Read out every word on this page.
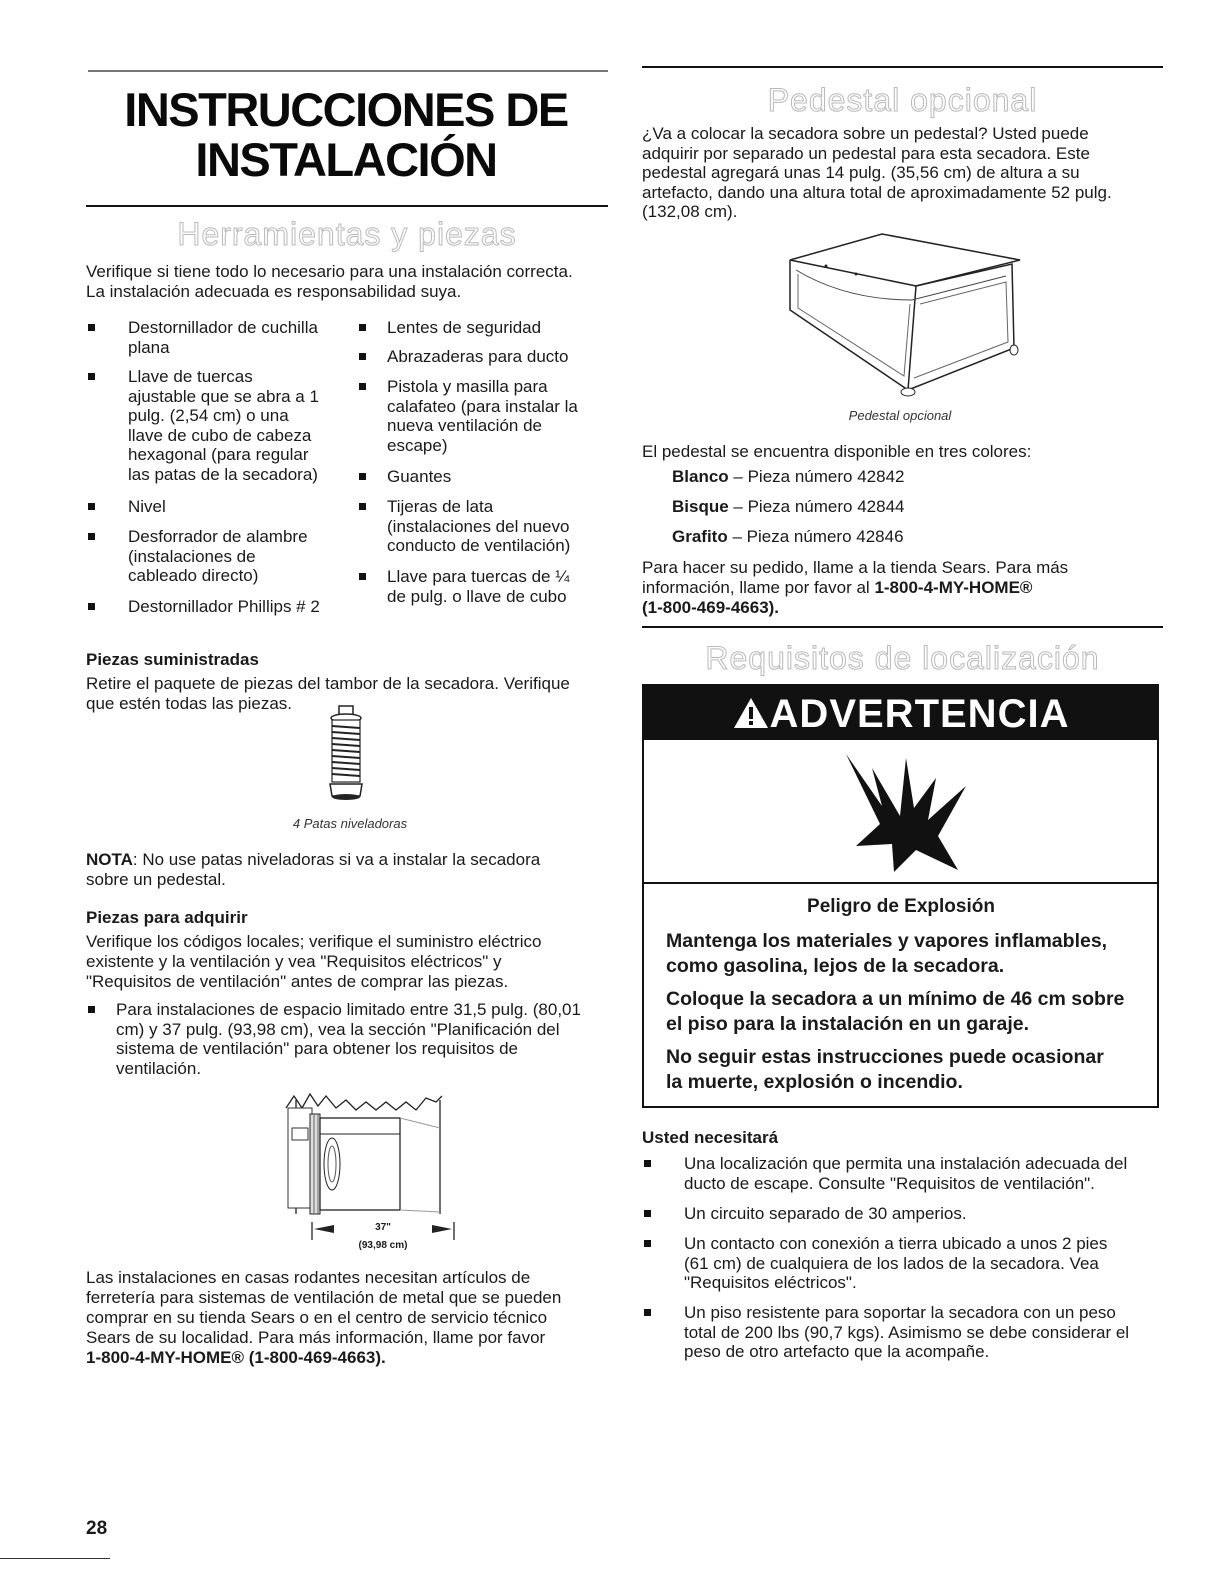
INSTRUCCIONES DE
INSTALACIÓN
Herramientas y piezas
Verifique si tiene todo lo necesario para una instalación correcta.
La instalación adecuada es responsabilidad suya.
Destornillador de cuchilla
plana
Llave de tuercas
ajustable que se abra a 1
pulg. (2,54 cm) o una
llave de cubo de cabeza
hexagonal (para regular
las patas de la secadora)
Nivel
Desforrador de alambre
(instalaciones de
cableado directo)
Destornillador Phillips # 2
Lentes de seguridad
Abrazaderas para ducto
Pistola y masilla para
calafateo (para instalar la
nueva ventilación de
escape)
Guantes
Tijeras de lata
(instalaciones del nuevo
conducto de ventilación)
Llave para tuercas de ¼
de pulg. o llave de cubo
Piezas suministradas
Retire el paquete de piezas del tambor de la secadora. Verifique
que estén todas las piezas.
4 Patas niveladoras
NOTA: No use patas niveladoras si va a instalar la secadora
sobre un pedestal.
Piezas para adquirir
Verifique los códigos locales; verifique el suministro eléctrico
existente y la ventilación y vea "Requisitos eléctricos" y
"Requisitos de ventilación" antes de comprar las piezas.
Para instalaciones de espacio limitado entre 31,5 pulg. (80,01
cm) y 37 pulg. (93,98 cm), vea la sección "Planificación del
sistema de ventilación" para obtener los requisitos de
ventilación.
37"
(93,98 cm)
Las instalaciones en casas rodantes necesitan artículos de
ferretería para sistemas de ventilación de metal que se pueden
comprar en su tienda Sears o en el centro de servicio técnico
Sears de su localidad. Para más información, llame por favor
1-800-4-MY-HOME® (1-800-469-4663).
Pedestal opcional
¿Va a colocar la secadora sobre un pedestal? Usted puede
adquirir por separado un pedestal para esta secadora. Este
pedestal agregará unas 14 pulg. (35,56 cm) de altura a su
artefacto, dando una altura total de aproximadamente 52 pulg.
(132,08 cm).
Pedestal opcional
El pedestal se encuentra disponible en tres colores:
Blanco – Pieza número 42842
Bisque – Pieza número 42844
Grafito – Pieza número 42846
Para hacer su pedido, llame a la tienda Sears. Para más
información, llame por favor al 1-800-4-MY-HOME®
(1-800-469-4663).
Requisitos de localización
ADVERTENCIA
Peligro de Explosión
Mantenga los materiales y vapores inflamables,
como gasolina, lejos de la secadora.
Coloque la secadora a un mínimo de 46 cm sobre
el piso para la instalación en un garaje.
No seguir estas instrucciones puede ocasionar
la muerte, explosión o incendio.
Usted necesitará
Una localización que permita una instalación adecuada del
ducto de escape. Consulte "Requisitos de ventilación".
Un circuito separado de 30 amperios.
Un contacto con conexión a tierra ubicado a unos 2 pies
(61 cm) de cualquiera de los lados de la secadora. Vea
"Requisitos eléctricos".
Un piso resistente para soportar la secadora con un peso
total de 200 lbs (90,7 kgs). Asimismo se debe considerar el
peso de otro artefacto que la acompañe.
28
